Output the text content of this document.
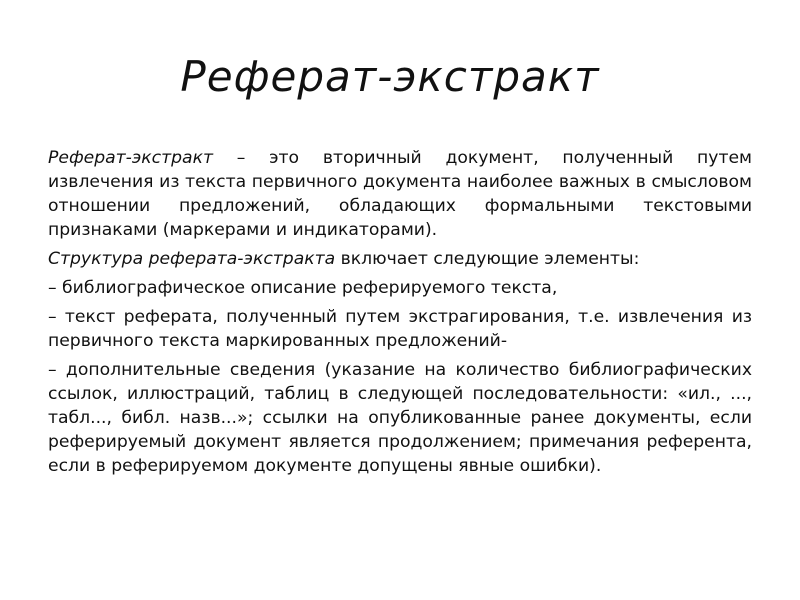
Реферат-экстракт

Реферат-экстракт – это вторичный документ, полученный путем извлечения из текста первичного документа наиболее важных в смысловом отношении предложений, обладающих формальными текстовыми признаками (маркерами и индикаторами).

Структура реферата-экстракта включает следующие элементы:

– библиографическое описание реферируемого текста,

– текст реферата, полученный путем экстрагирования, т.е. извлечения из первичного текста маркированных предложений-

– дополнительные сведения (указание на количество библиографических ссылок, иллюстраций, таблиц в следующей последовательности: «ил., ..., табл..., библ. назв...»; ссылки на опубликованные ранее документы, если реферируемый документ является продолжением; примечания референта, если в реферируемом документе допущены явные ошибки).
